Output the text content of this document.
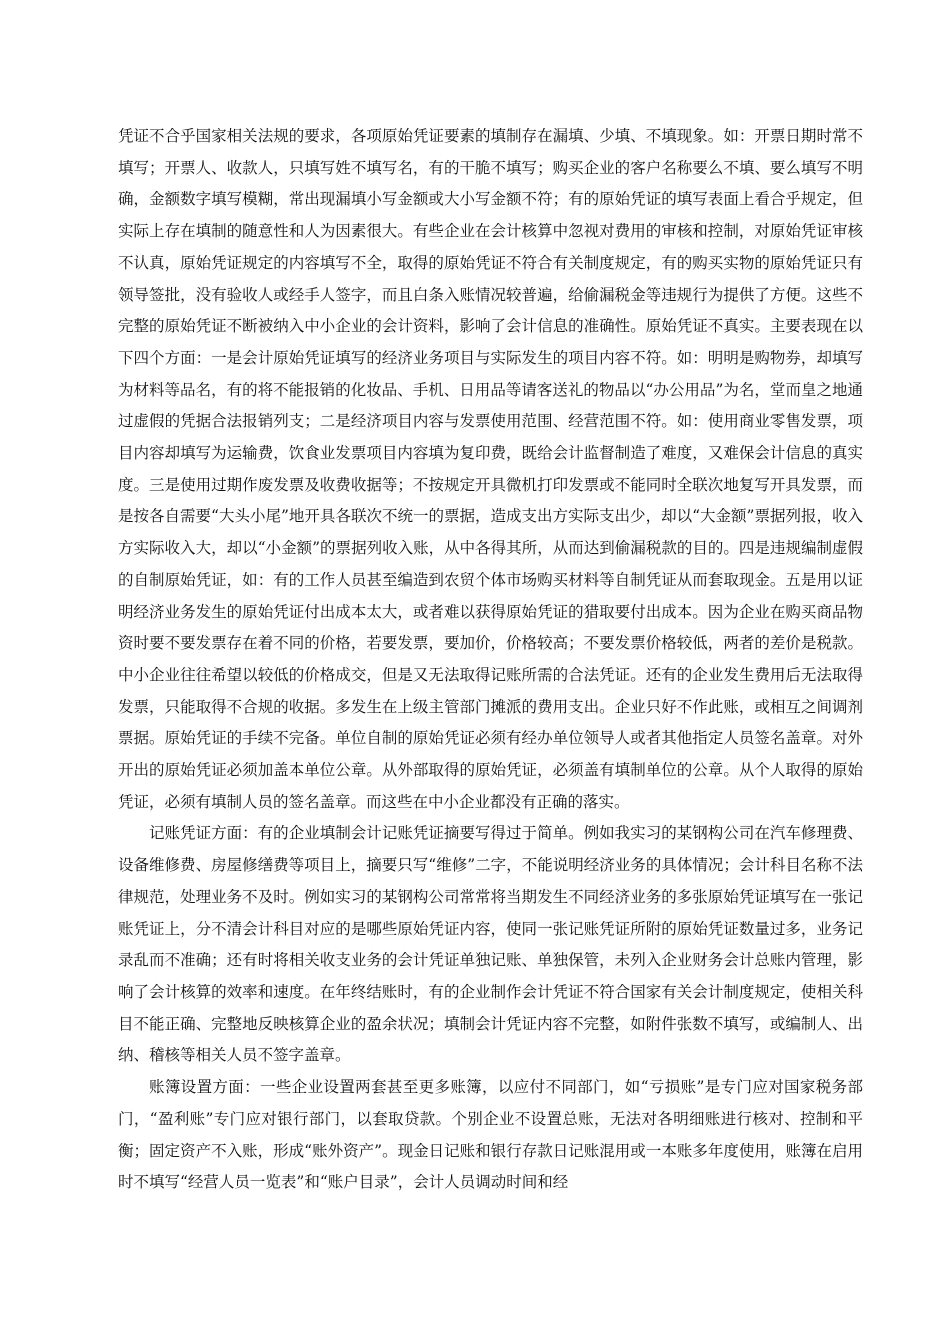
凭证不合乎国家相关法规的要求，各项原始凭证要素的填制存在漏填、少填、不填现象。如：开票日期时常不填写；开票人、收款人，只填写姓不填写名，有的干脆不填写；购买企业的客户名称要么不填、要么填写不明确，金额数字填写模糊，常出现漏填小写金额或大小写金额不符；有的原始凭证的填写表面上看合乎规定，但实际上存在填制的随意性和人为因素很大。有些企业在会计核算中忽视对费用的审核和控制，对原始凭证审核不认真，原始凭证规定的内容填写不全，取得的原始凭证不符合有关制度规定，有的购买实物的原始凭证只有领导签批，没有验收人或经手人签字，而且白条入账情况较普遍，给偷漏税金等违规行为提供了方便。这些不完整的原始凭证不断被纳入中小企业的会计资料，影响了会计信息的准确性。原始凭证不真实。主要表现在以下四个方面：一是会计原始凭证填写的经济业务项目与实际发生的项目内容不符。如：明明是购物券，却填写为材料等品名，有的将不能报销的化妆品、手机、日用品等请客送礼的物品以“办公用品”为名，堂而皇之地通过虚假的凭据合法报销列支；二是经济项目内容与发票使用范围、经营范围不符。如：使用商业零售发票，项目内容却填写为运输费，饮食业发票项目内容填为复印费，既给会计监督制造了难度，又难保会计信息的真实度。三是使用过期作废发票及收费收据等；不按规定开具微机打印发票或不能同时全联次地复写开具发票，而是按各自需要“大头小尾”地开具各联次不统一的票据，造成支出方实际支出少，却以“大金额”票据列报，收入方实际收入大，却以“小金额”的票据列收入账，从中各得其所，从而达到偷漏税款的目的。四是违规编制虚假的自制原始凭证，如：有的工作人员甚至编造到农贸个体市场购买材料等自制凭证从而套取现金。五是用以证明经济业务发生的原始凭证付出成本太大，或者难以获得原始凭证的猎取要付出成本。因为企业在购买商品物资时要不要发票存在着不同的价格，若要发票，要加价，价格较高；不要发票价格较低，两者的差价是税款。中小企业往往希望以较低的价格成交，但是又无法取得记账所需的合法凭证。还有的企业发生费用后无法取得发票，只能取得不合规的收据。多发生在上级主管部门摊派的费用支出。企业只好不作此账，或相互之间调剂票据。原始凭证的手续不完备。单位自制的原始凭证必须有经办单位领导人或者其他指定人员签名盖章。对外开出的原始凭证必须加盖本单位公章。从外部取得的原始凭证，必须盖有填制单位的公章。从个人取得的原始凭证，必须有填制人员的签名盖章。而这些在中小企业都没有正确的落实。

记账凭证方面：有的企业填制会计记账凭证摘要写得过于简单。例如我实习的某钢构公司在汽车修理费、设备维修费、房屋修缮费等项目上，摘要只写“维修”二字，不能说明经济业务的具体情况；会计科目名称不法律规范，处理业务不及时。例如实习的某钢构公司常常将当期发生不同经济业务的多张原始凭证填写在一张记账凭证上，分不清会计科目对应的是哪些原始凭证内容，使同一张记账凭证所附的原始凭证数量过多，业务记录乱而不准确；还有时将相关收支业务的会计凭证单独记账、单独保管，未列入企业财务会计总账内管理，影响了会计核算的效率和速度。在年终结账时，有的企业制作会计凭证不符合国家有关会计制度规定，使相关科目不能正确、完整地反映核算企业的盈余状况；填制会计凭证内容不完整，如附件张数不填写，或编制人、出纳、稽核等相关人员不签字盖章。

账簿设置方面：一些企业设置两套甚至更多账簿，以应付不同部门，如“亏损账”是专门应对国家税务部门，“盈利账”专门应对银行部门，以套取贷款。个别企业不设置总账，无法对各明细账进行核对、控制和平衡；固定资产不入账，形成“账外资产”。现金日记账和银行存款日记账混用或一本账多年度使用，账簿在启用时不填写“经营人员一览表”和“账户目录”，会计人员调动时间和经
